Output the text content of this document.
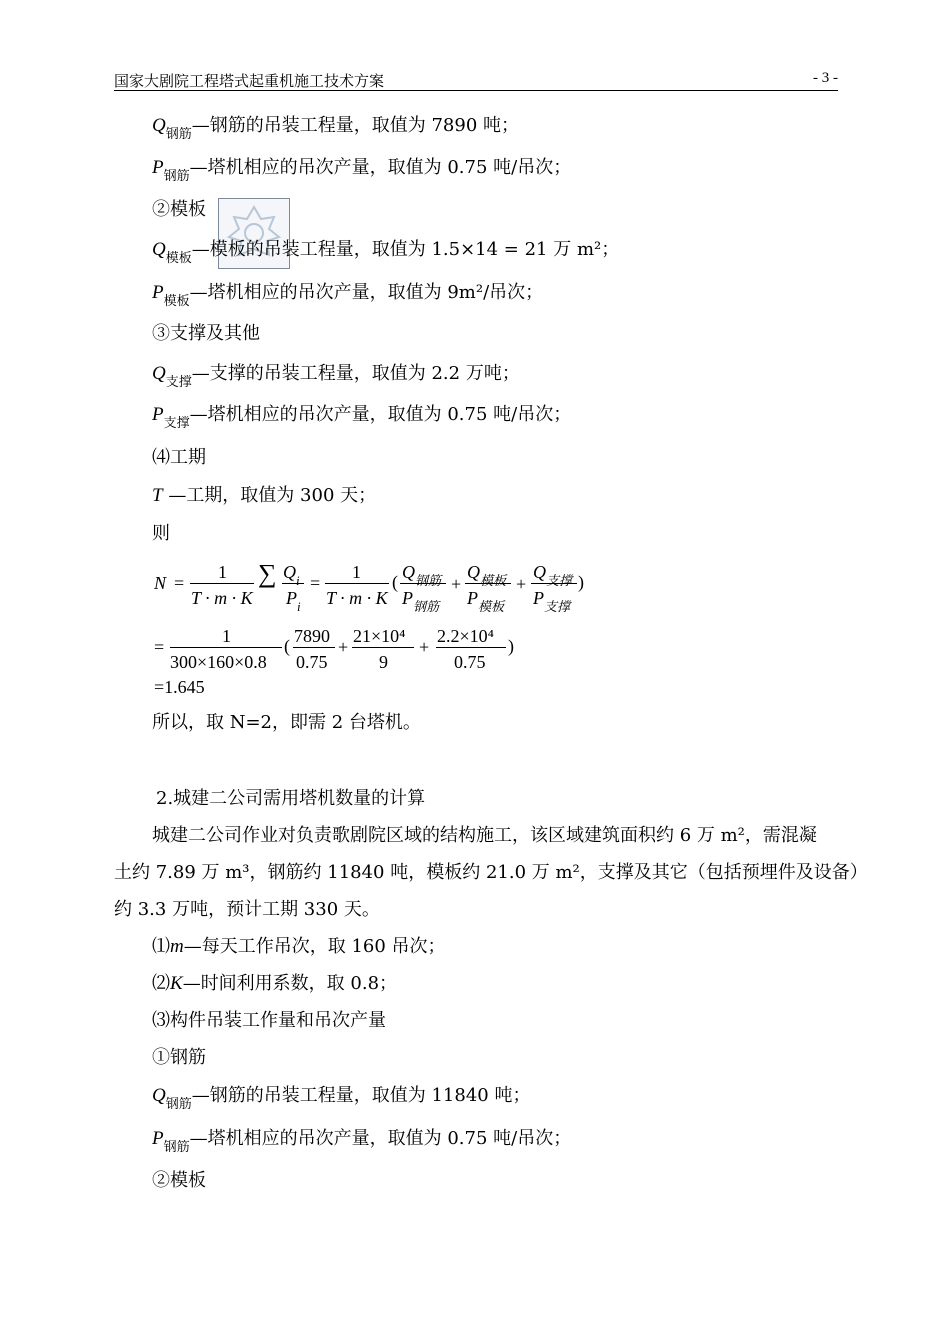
国家大剧院工程塔式起重机施工技术方案	- 3 -
$Q_{钢筋}—$钢筋的吊装工程量，取值为 7890 吨；
$P_{钢筋}—$塔机相应的吊次产量，取值为 0.75 吨/吊次；
②模板
$Q_{模板}—$模板的吊装工程量，取值为 1.5×14 = 21 万 m²；
$P_{模板}—$塔机相应的吊次产量，取值为 9m²/吊次；
③支撑及其他
$Q_{支撑}—$支撑的吊装工程量，取值为 2.2 万吨；
$P_{支撑}—$塔机相应的吊次产量，取值为 0.75 吨/吊次；
⑷工期
T —工期，取值为 300 天；
则
N =
1
T · m · K
∑ $Q_i$
$P_i$
=
1
T · m · K
( $Q_{钢筋}$
$P_{钢筋}$
+
$Q_{模板}$
$P_{模板}$
+
$Q_{支撑}$
$P_{支撑}$
)
=
1
300×160×0.8
( 7890
0.75
+
21×10⁴
9
+
2.2×10⁴
0.75
)
=1.645
所以，取 N=2，即需 2 台塔机。
2.城建二公司需用塔机数量的计算
城建二公司作业对负责歌剧院区域的结构施工，该区域建筑面积约 6 万 m²，需混凝
土约 7.89 万 m³，钢筋约 11840 吨，模板约 21.0 万 m²，支撑及其它（包括预埋件及设备）
约 3.3 万吨，预计工期 330 天。
⑴m—每天工作吊次，取 160 吊次；
⑵K—时间利用系数，取 0.8；
⑶构件吊装工作量和吊次产量
①钢筋
$Q_{钢筋}—$钢筋的吊装工程量，取值为 11840 吨；
$P_{钢筋}—$塔机相应的吊次产量，取值为 0.75 吨/吊次；
②模板
